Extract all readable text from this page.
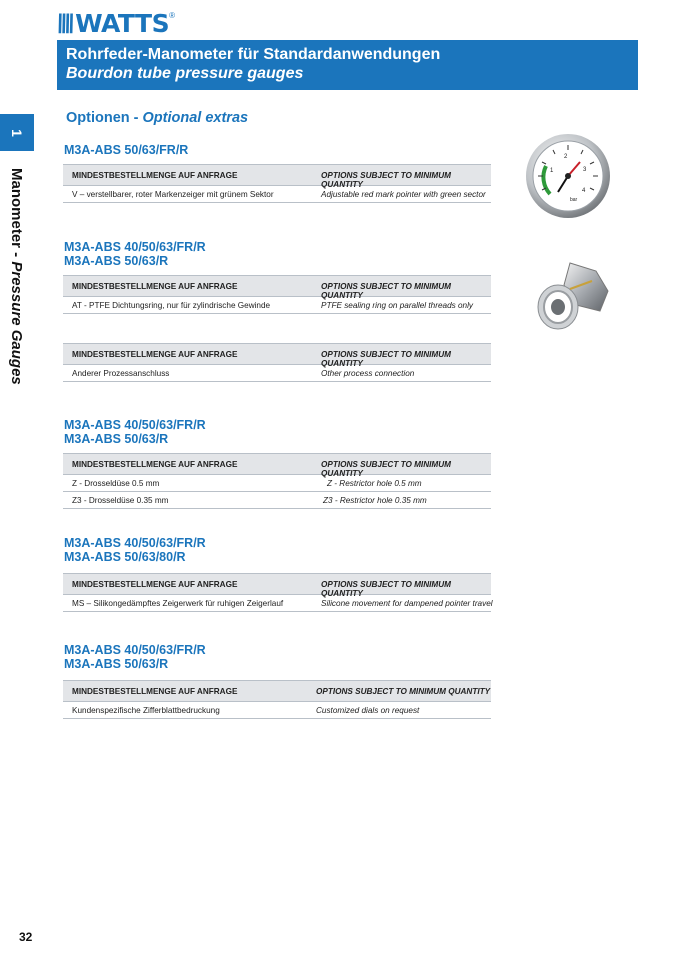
\\\\ WATTS ®
Rohrfeder-Manometer für Standardanwendungen
Bourdon tube pressure gauges
1
Manometer - Pressure Gauges
Optionen - Optional extras
M3A-ABS 50/63/FR/R
MINDESTBESTELLMENGE AUF ANFRAGE	OPTIONS SUBJECT TO MINIMUM QUANTITY
V – verstellbarer, roter Markenzeiger mit grünem Sektor	Adjustable red mark pointer with green sector
M3A-ABS 40/50/63/FR/R
M3A-ABS 50/63/R
MINDESTBESTELLMENGE AUF ANFRAGE	OPTIONS SUBJECT TO MINIMUM QUANTITY
AT - PTFE Dichtungsring, nur für zylindrische Gewinde	PTFE sealing ring on parallel threads only
MINDESTBESTELLMENGE AUF ANFRAGE	OPTIONS SUBJECT TO MINIMUM QUANTITY
Anderer Prozessanschluss	Other process connection
M3A-ABS 40/50/63/FR/R
M3A-ABS 50/63/R
MINDESTBESTELLMENGE AUF ANFRAGE	OPTIONS SUBJECT TO MINIMUM QUANTITY
Z - Drosseldüse 0.5 mm	Z - Restrictor hole 0.5 mm
Z3 - Drosseldüse 0.35 mm	Z3 - Restrictor hole 0.35 mm
M3A-ABS 40/50/63/FR/R
M3A-ABS 50/63/80/R
MINDESTBESTELLMENGE AUF ANFRAGE	OPTIONS SUBJECT TO MINIMUM QUANTITY
MS – Silikongedämpftes Zeigerwerk für ruhigen Zeigerlauf	Silicone movement for dampened pointer travel
M3A-ABS 40/50/63/FR/R
M3A-ABS 50/63/R
MINDESTBESTELLMENGE AUF ANFRAGE	OPTIONS SUBJECT TO MINIMUM QUANTITY
Kundenspezifische Zifferblattbedruckung	Customized dials on request
1
2
3
4
bar
32
